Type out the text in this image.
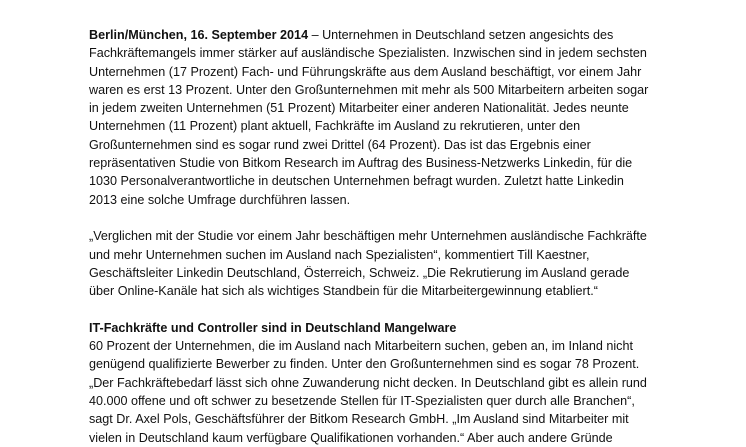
Berlin/München, 16. September 2014 – Unternehmen in Deutschland setzen angesichts des
Fachkräftemangels immer stärker auf ausländische Spezialisten. Inzwischen sind in jedem sechsten
Unternehmen (17 Prozent) Fach- und Führungskräfte aus dem Ausland beschäftigt, vor einem Jahr
waren es erst 13 Prozent. Unter den Großunternehmen mit mehr als 500 Mitarbeitern arbeiten sogar
in jedem zweiten Unternehmen (51 Prozent) Mitarbeiter einer anderen Nationalität. Jedes neunte
Unternehmen (11 Prozent) plant aktuell, Fachkräfte im Ausland zu rekrutieren, unter den
Großunternehmen sind es sogar rund zwei Drittel (64 Prozent). Das ist das Ergebnis einer
repräsentativen Studie von Bitkom Research im Auftrag des Business-Netzwerks Linkedin, für die
1030 Personalverantwortliche in deutschen Unternehmen befragt wurden. Zuletzt hatte Linkedin
2013 eine solche Umfrage durchführen lassen.

„Verglichen mit der Studie vor einem Jahr beschäftigen mehr Unternehmen ausländische Fachkräfte
und mehr Unternehmen suchen im Ausland nach Spezialisten“, kommentiert Till Kaestner,
Geschäftsleiter Linkedin Deutschland, Österreich, Schweiz. „Die Rekrutierung im Ausland gerade
über Online-Kanäle hat sich als wichtiges Standbein für die Mitarbeitergewinnung etabliert.“

IT-Fachkräfte und Controller sind in Deutschland Mangelware
60 Prozent der Unternehmen, die im Ausland nach Mitarbeitern suchen, geben an, im Inland nicht
genügend qualifizierte Bewerber zu finden. Unter den Großunternehmen sind es sogar 78 Prozent.
„Der Fachkräftebedarf lässt sich ohne Zuwanderung nicht decken. In Deutschland gibt es allein rund
40.000 offene und oft schwer zu besetzende Stellen für IT-Spezialisten quer durch alle Branchen“,
sagt Dr. Axel Pols, Geschäftsführer der Bitkom Research GmbH. „Im Ausland sind Mitarbeiter mit
vielen in Deutschland kaum verfügbare Qualifikationen vorhanden.“ Aber auch andere Gründe
